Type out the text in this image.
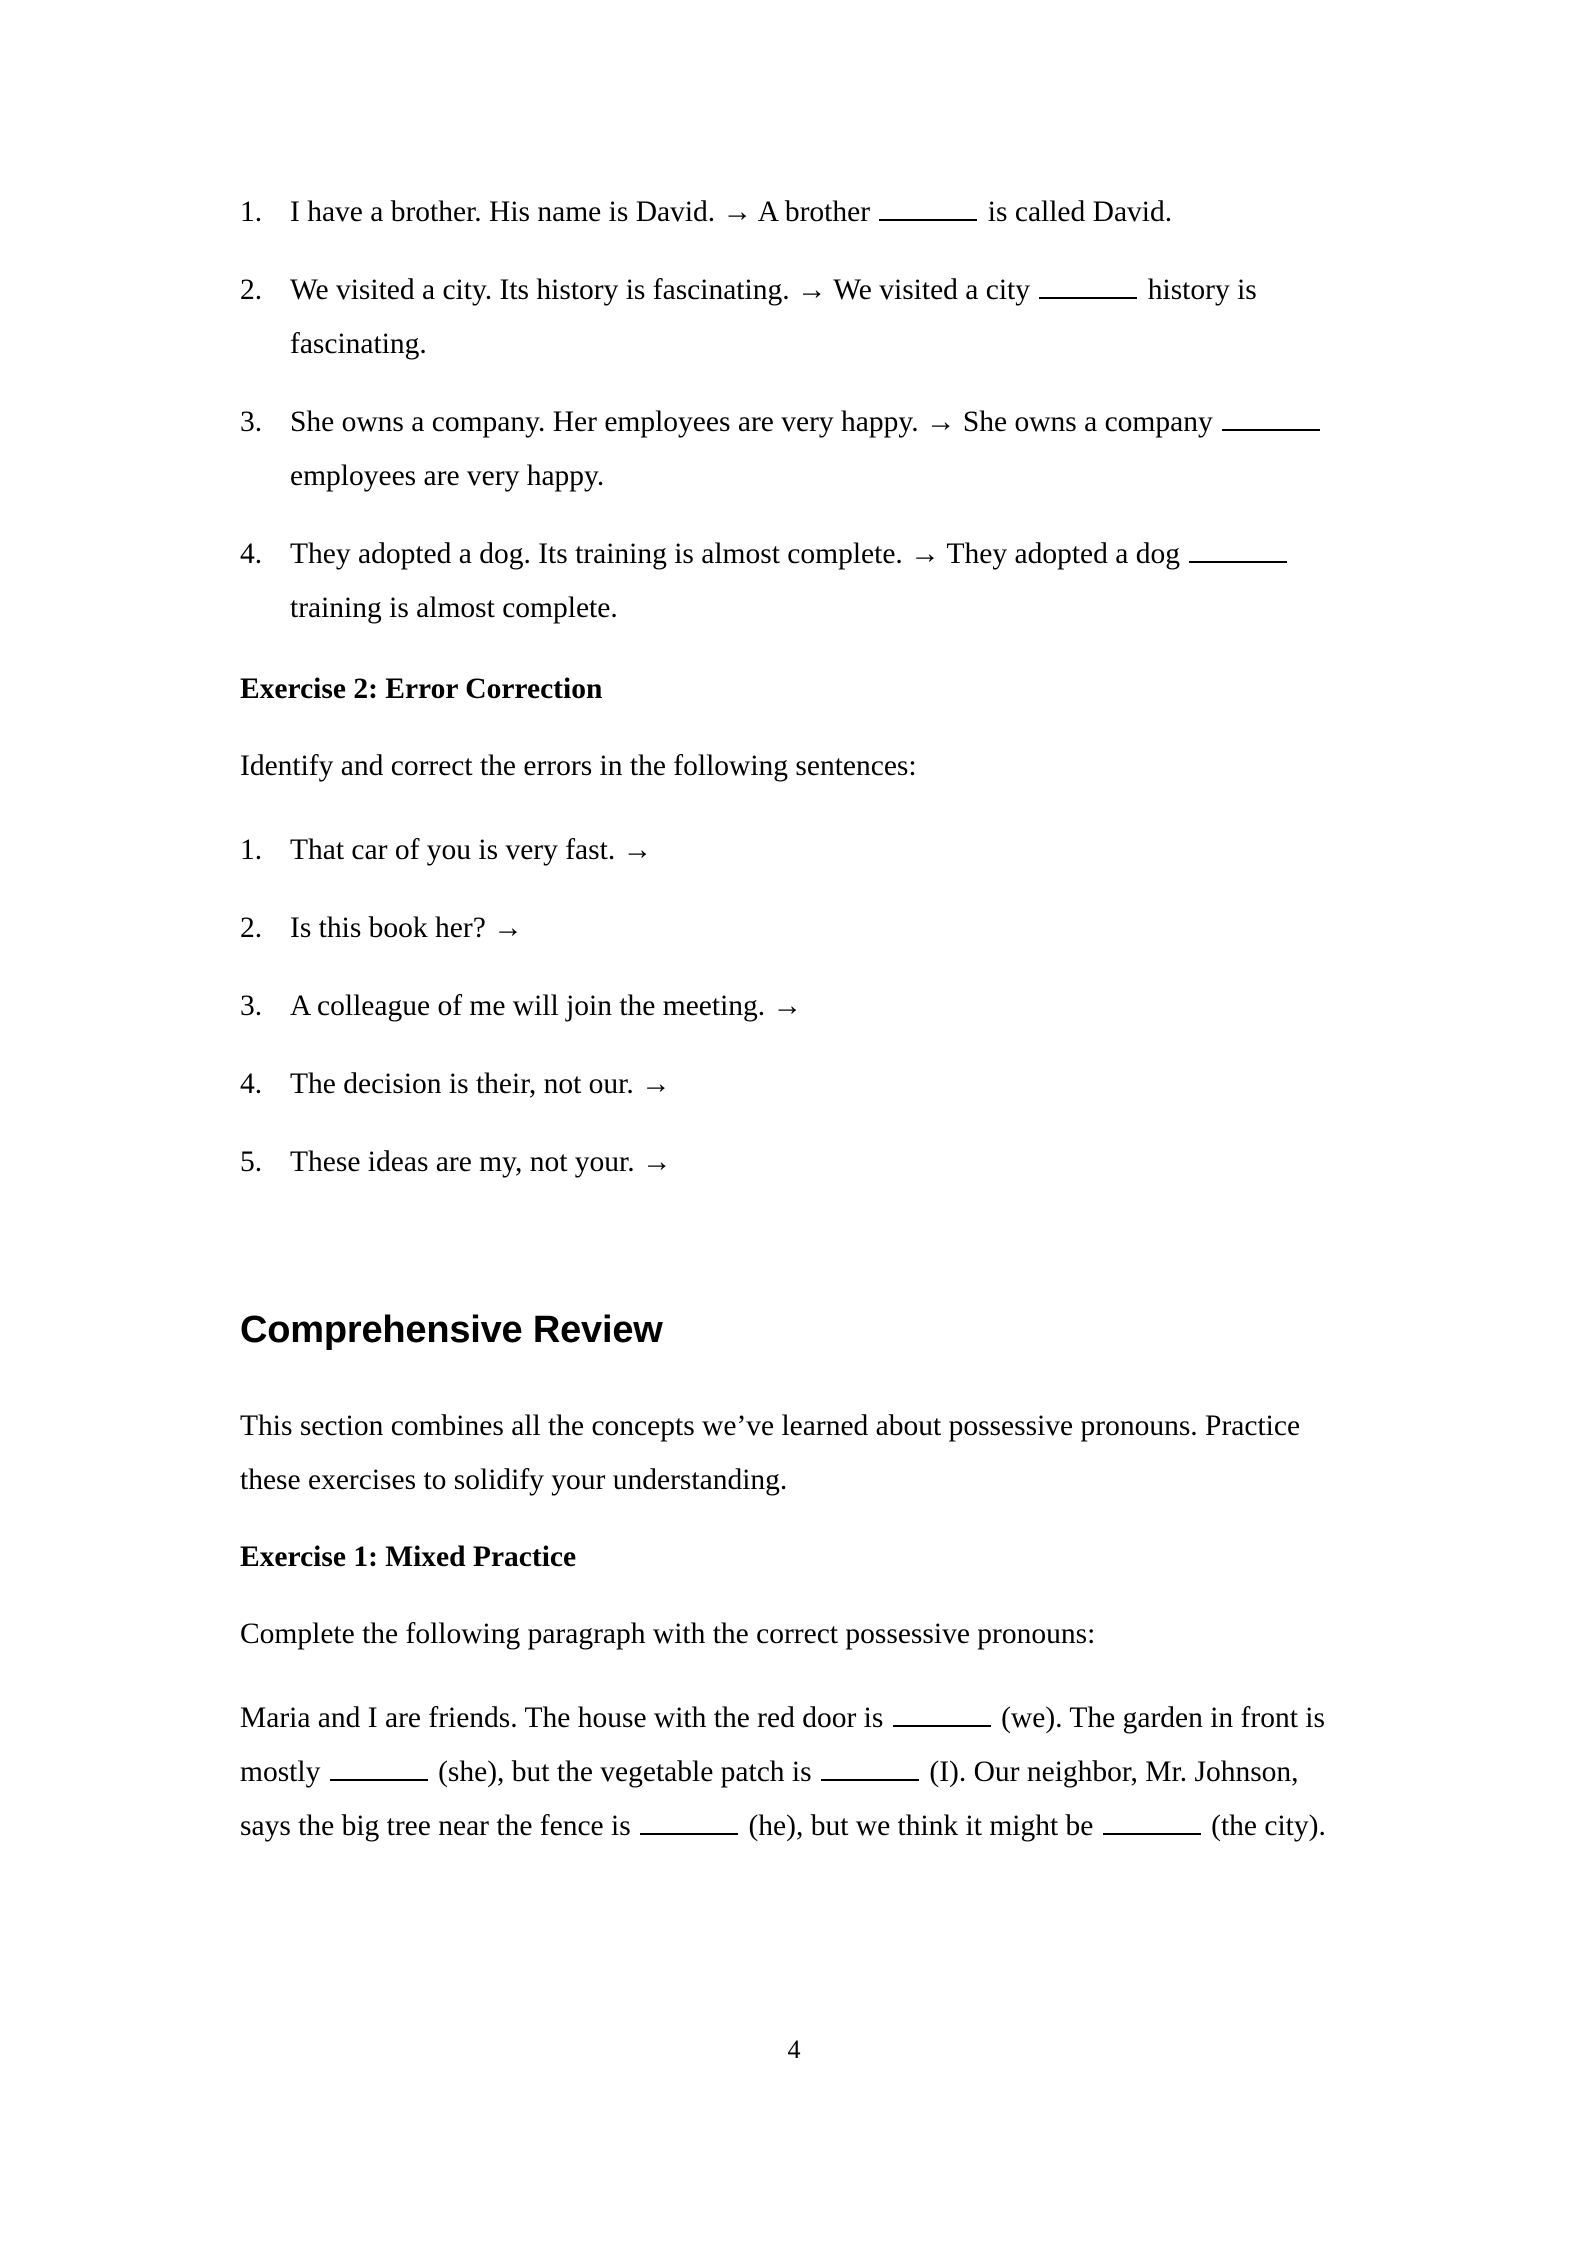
1. I have a brother. His name is David. → A brother	is called David.
2. We visited a city. Its history is fascinating. → We visited a city	history is fascinating.
3. She owns a company. Her employees are very happy. → She owns a company  employees are very happy.
4. They adopted a dog. Its training is almost complete. → They adopted a dog  training is almost complete.
Exercise 2: Error Correction

Identify and correct the errors in the following sentences:

1. That car of you is very fast. →
2. Is this book her? →
3. A colleague of me will join the meeting. →
4. The decision is their, not our. →
5. These ideas are my, not your. →
Comprehensive Review

This section combines all the concepts we’ve learned about possessive pronouns. Practice these exercises to solidify your understanding.

Exercise 1: Mixed Practice

Complete the following paragraph with the correct possessive pronouns:

Maria and I are friends. The house with the red door is	(we). The garden in front is mostly	(she), but the vegetable patch is	(I). Our neighbor, Mr. Johnson, says the big tree near the fence is	(he), but we think it might be	(the city).

4
